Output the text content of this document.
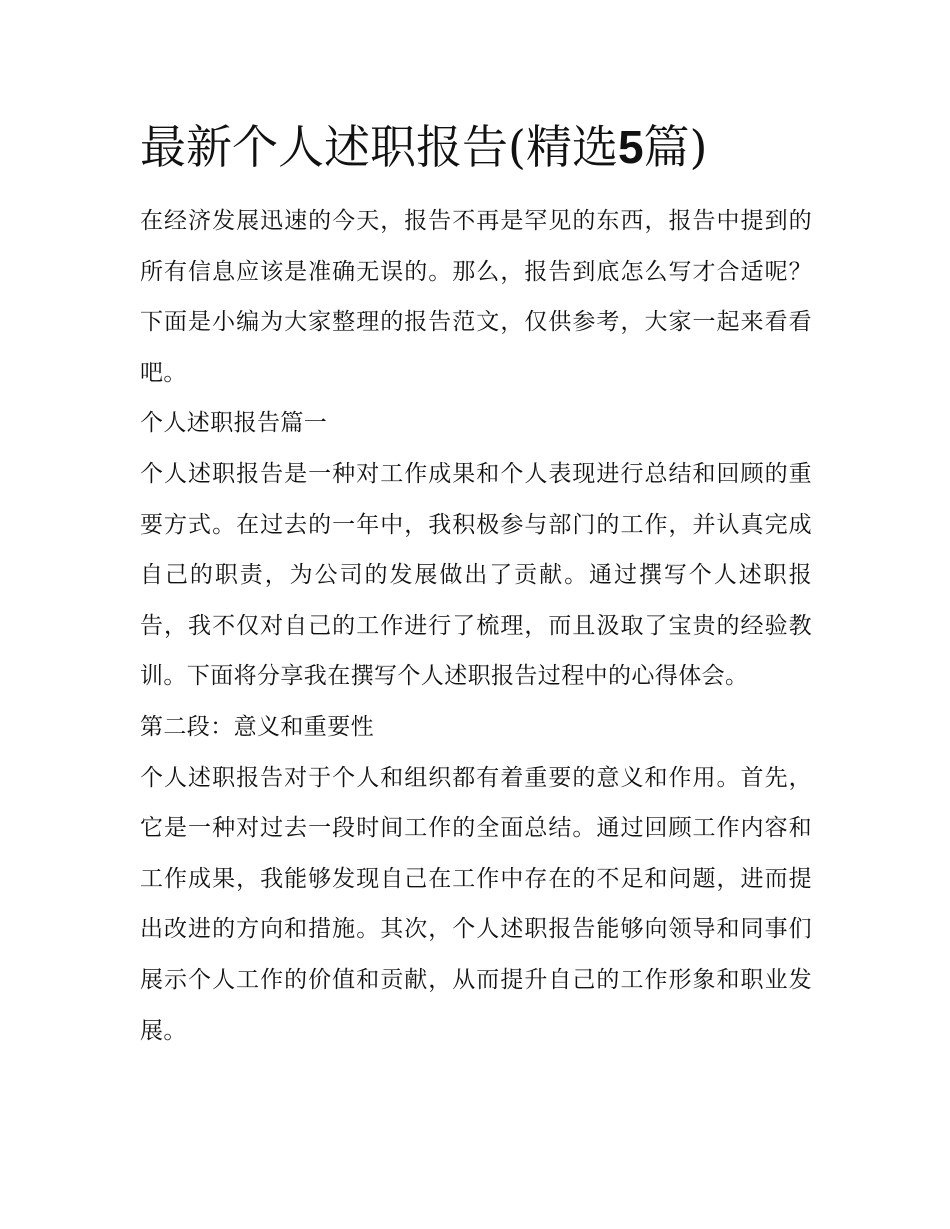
最新个人述职报告(精选5篇)

在经济发展迅速的今天，报告不再是罕见的东西，报告中提到的所有信息应该是准确无误的。那么，报告到底怎么写才合适呢？下面是小编为大家整理的报告范文，仅供参考，大家一起来看看吧。

个人述职报告篇一

个人述职报告是一种对工作成果和个人表现进行总结和回顾的重要方式。在过去的一年中，我积极参与部门的工作，并认真完成自己的职责，为公司的发展做出了贡献。通过撰写个人述职报告，我不仅对自己的工作进行了梳理，而且汲取了宝贵的经验教训。下面将分享我在撰写个人述职报告过程中的心得体会。

第二段：意义和重要性

个人述职报告对于个人和组织都有着重要的意义和作用。首先，它是一种对过去一段时间工作的全面总结。通过回顾工作内容和工作成果，我能够发现自己在工作中存在的不足和问题，进而提出改进的方向和措施。其次，个人述职报告能够向领导和同事们展示个人工作的价值和贡献，从而提升自己的工作形象和职业发展。
